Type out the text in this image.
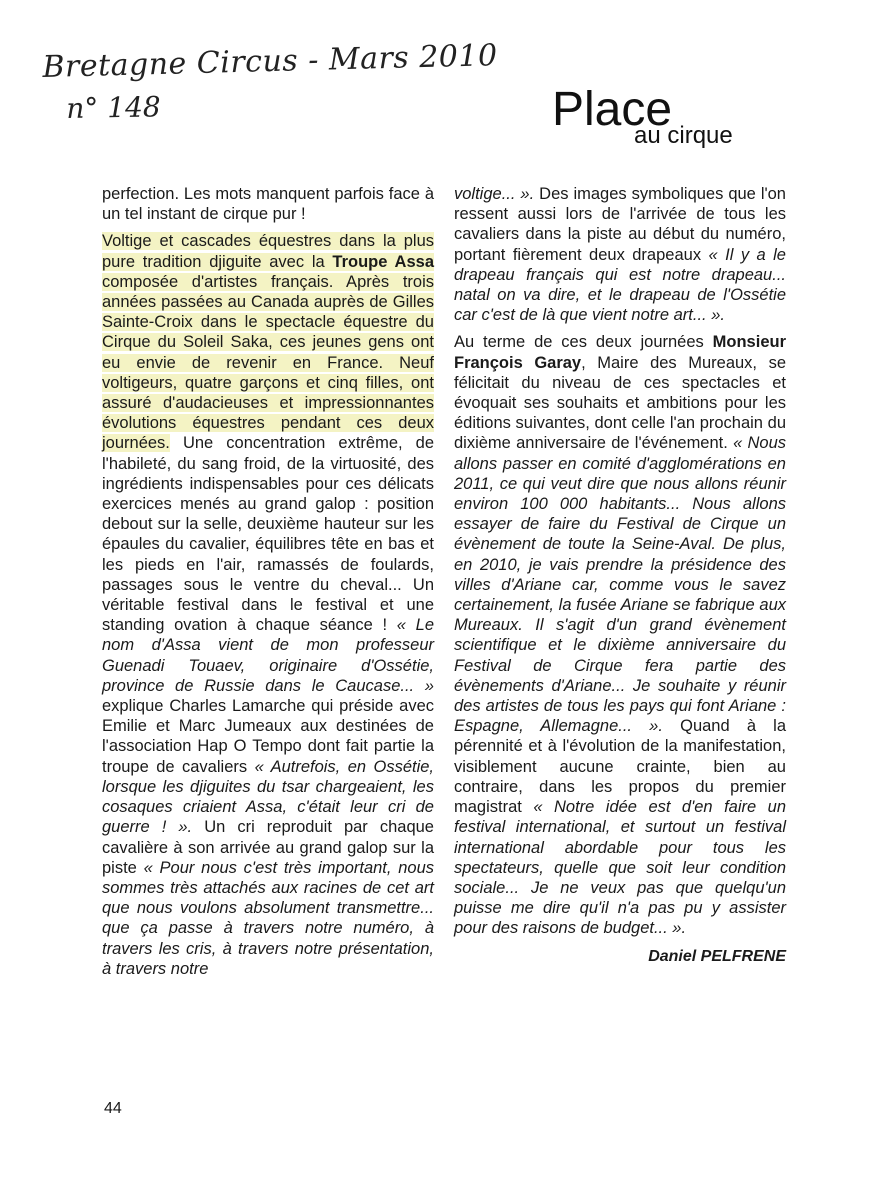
Bretagne Circus - Mars 2010
n° 148	Place
au cirque

perfection. Les mots manquent parfois face à un tel instant de cirque pur !

Voltige et cascades équestres dans la plus pure tradition djiguite avec la Troupe Assa composée d'artistes français. Après trois années passées au Canada auprès de Gilles Sainte-Croix dans le spectacle équestre du Cirque du Soleil Saka, ces jeunes gens ont eu envie de revenir en France. Neuf voltigeurs, quatre garçons et cinq filles, ont assuré d'audacieuses et impressionnantes évolutions équestres pendant ces deux journées. Une concentration extrême, de l'habileté, du sang froid, de la virtuosité, des ingrédients indispensables pour ces délicats exercices menés au grand galop : position debout sur la selle, deuxième hauteur sur les épaules du cavalier, équilibres tête en bas et les pieds en l'air, ramassés de foulards, passages sous le ventre du cheval... Un véritable festival dans le festival et une standing ovation à chaque séance ! « Le nom d'Assa vient de mon professeur Guenadi Touaev, originaire d'Ossétie, province de Russie dans le Caucase... » explique Charles Lamarche qui préside avec Emilie et Marc Jumeaux aux destinées de l'association Hap O Tempo dont fait partie la troupe de cavaliers « Autrefois, en Ossétie, lorsque les djiguites du tsar chargeaient, les cosaques criaient Assa, c'était leur cri de guerre ! ». Un cri reproduit par chaque cavalière à son arrivée au grand galop sur la piste « Pour nous c'est très important, nous sommes très attachés aux racines de cet art que nous voulons absolument transmettre... que ça passe à travers notre numéro, à travers les cris, à travers notre présentation, à travers notre

voltige... ». Des images symboliques que l'on ressent aussi lors de l'arrivée de tous les cavaliers dans la piste au début du numéro, portant fièrement deux drapeaux « Il y a le drapeau français qui est notre drapeau... natal on va dire, et le drapeau de l'Ossétie car c'est de là que vient notre art... ».

Au terme de ces deux journées Monsieur François Garay, Maire des Mureaux, se félicitait du niveau de ces spectacles et évoquait ses souhaits et ambitions pour les éditions suivantes, dont celle l'an prochain du dixième anniversaire de l'événement. « Nous allons passer en comité d'agglomérations en 2011, ce qui veut dire que nous allons réunir environ 100 000 habitants... Nous allons essayer de faire du Festival de Cirque un évènement de toute la Seine-Aval. De plus, en 2010, je vais prendre la présidence des villes d'Ariane car, comme vous le savez certainement, la fusée Ariane se fabrique aux Mureaux. Il s'agit d'un grand évènement scientifique et le dixième anniversaire du Festival de Cirque fera partie des évènements d'Ariane... Je souhaite y réunir des artistes de tous les pays qui font Ariane : Espagne, Allemagne... ». Quand à la pérennité et à l'évolution de la manifestation, visiblement aucune crainte, bien au contraire, dans les propos du premier magistrat « Notre idée est d'en faire un festival international, et surtout un festival international abordable pour tous les spectateurs, quelle que soit leur condition sociale... Je ne veux pas que quelqu'un puisse me dire qu'il n'a pas pu y assister pour des raisons de budget... ».

Daniel PELFRENE

44
